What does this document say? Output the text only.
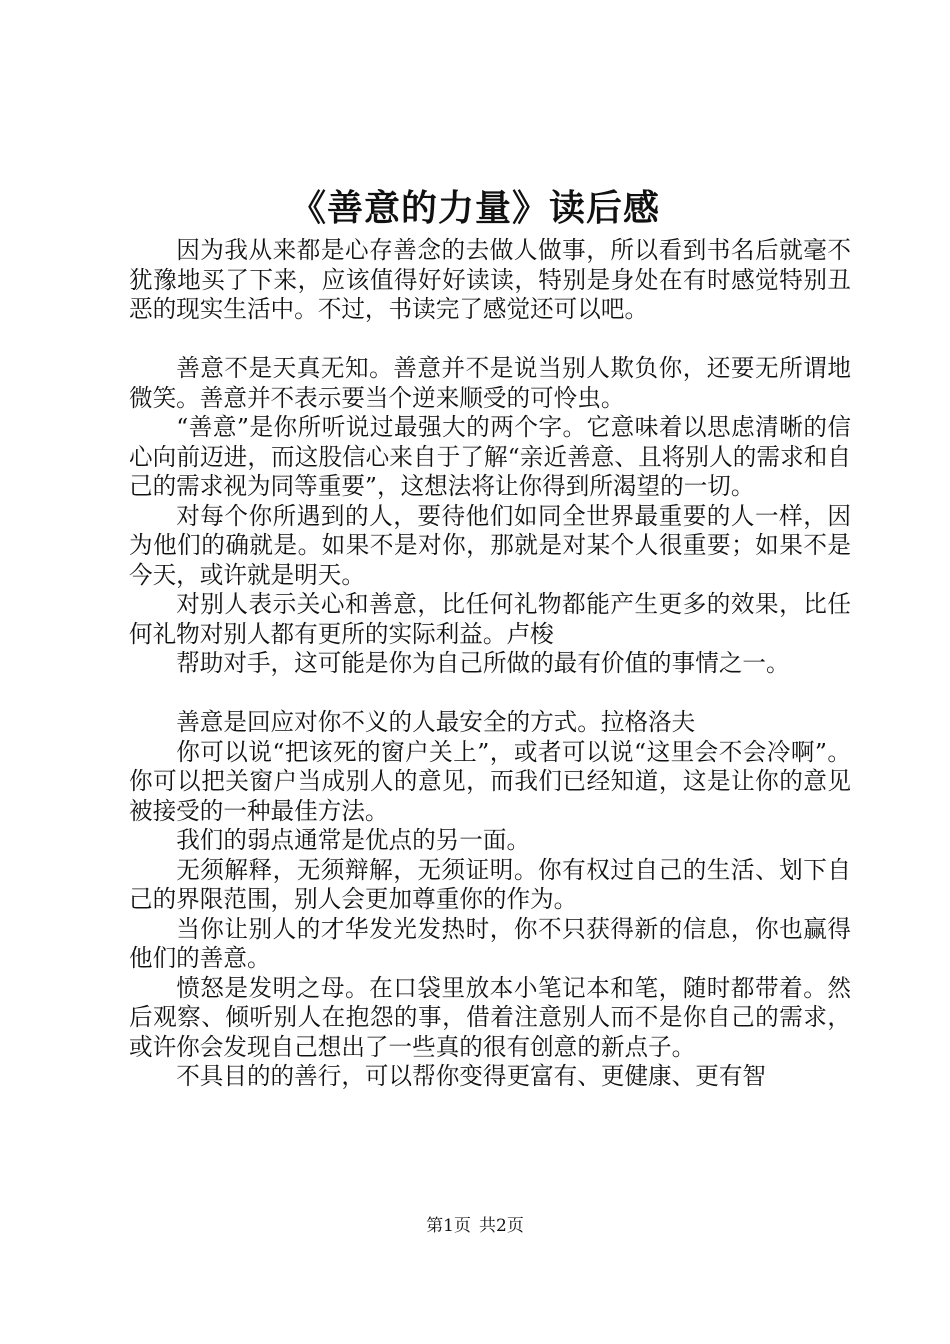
《善意的力量》读后感

因为我从来都是心存善念的去做人做事，所以看到书名后就毫不犹豫地买了下来，应该值得好好读读，特别是身处在有时感觉特别丑恶的现实生活中。不过，书读完了感觉还可以吧。

善意不是天真无知。善意并不是说当别人欺负你，还要无所谓地微笑。善意并不表示要当个逆来顺受的可怜虫。

“善意”是你所听说过最强大的两个字。它意味着以思虑清晰的信心向前迈进，而这股信心来自于了解“亲近善意、且将别人的需求和自己的需求视为同等重要”，这想法将让你得到所渴望的一切。

对每个你所遇到的人，要待他们如同全世界最重要的人一样，因为他们的确就是。如果不是对你，那就是对某个人很重要；如果不是今天，或许就是明天。

对别人表示关心和善意，比任何礼物都能产生更多的效果，比任何礼物对别人都有更所的实际利益。卢梭

帮助对手，这可能是你为自己所做的最有价值的事情之一。

善意是回应对你不义的人最安全的方式。拉格洛夫

你可以说“把该死的窗户关上”，或者可以说“这里会不会冷啊”。你可以把关窗户当成别人的意见，而我们已经知道，这是让你的意见被接受的一种最佳方法。

我们的弱点通常是优点的另一面。

无须解释，无须辩解，无须证明。你有权过自己的生活、划下自己的界限范围，别人会更加尊重你的作为。

当你让别人的才华发光发热时，你不只获得新的信息，你也赢得他们的善意。

愤怒是发明之母。在口袋里放本小笔记本和笔，随时都带着。然后观察、倾听别人在抱怨的事，借着注意别人而不是你自己的需求，或许你会发现自己想出了一些真的很有创意的新点子。

不具目的的善行，可以帮你变得更富有、更健康、更有智

第1页 共2页
